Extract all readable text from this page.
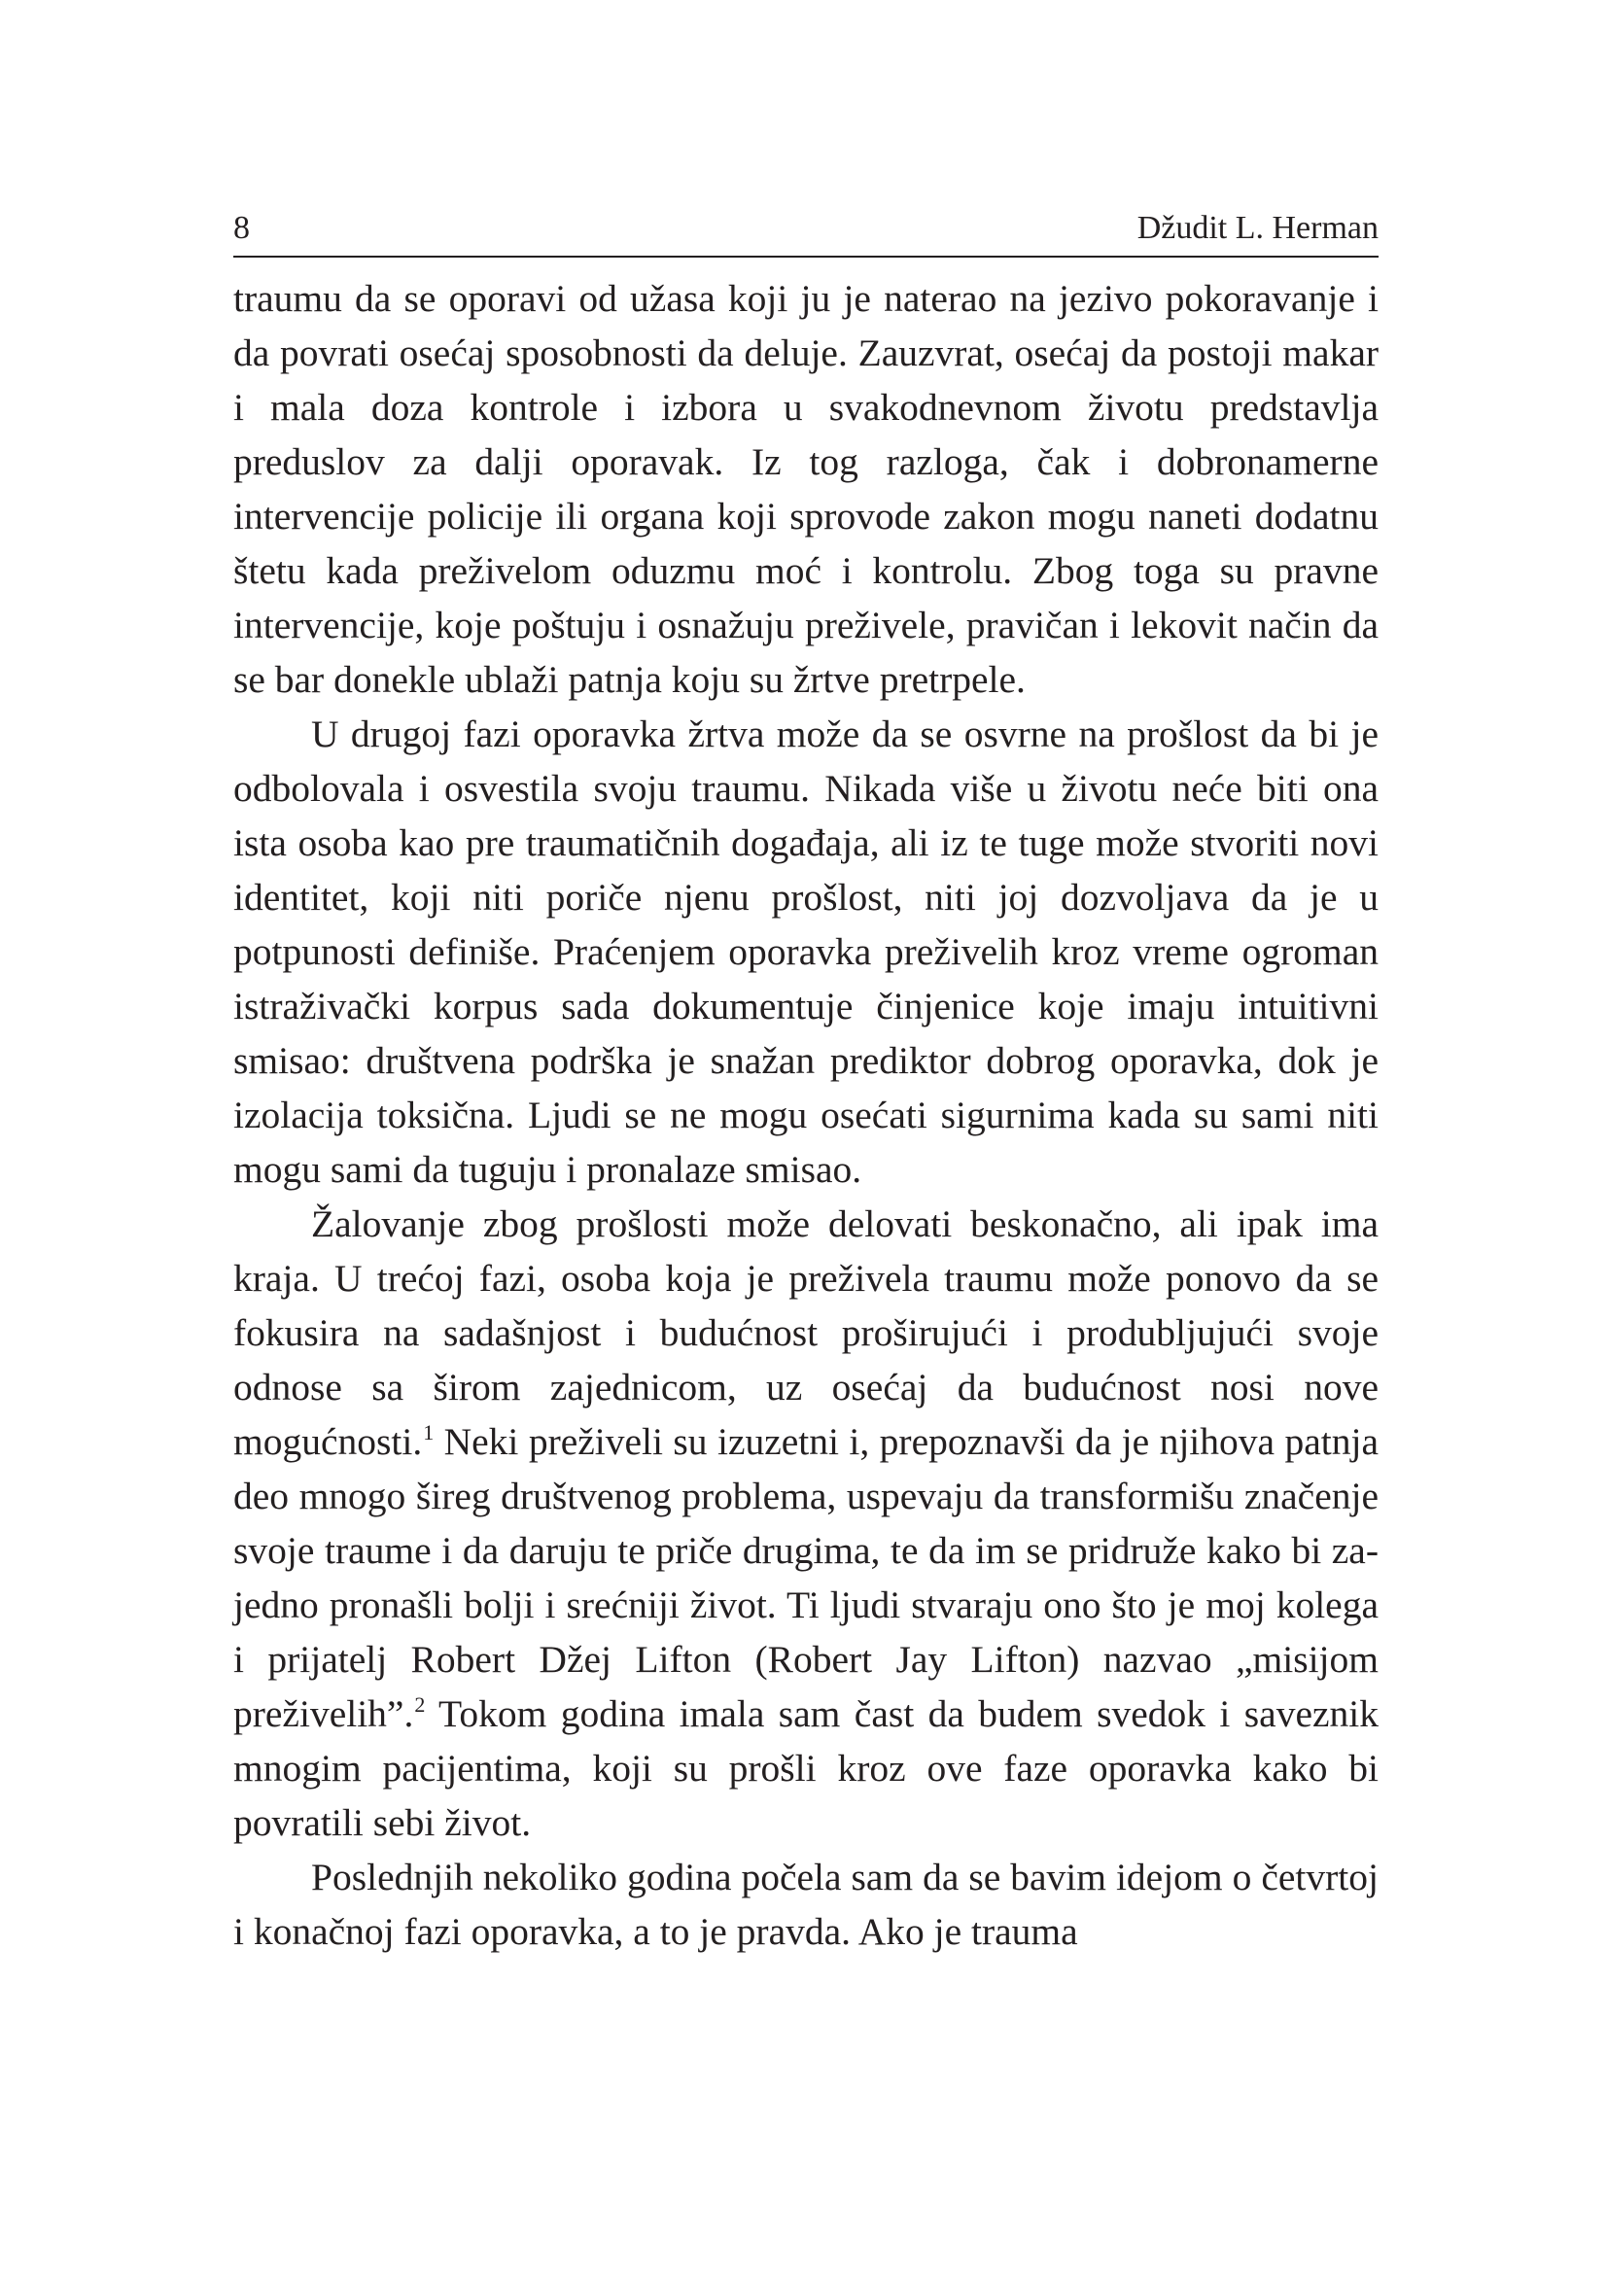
8	Džudit L. Herman

traumu da se oporavi od užasa koji ju je naterao na jezivo pokoravanje i da povrati osećaj sposobnosti da deluje. Zauzvrat, osećaj da postoji makar i mala doza kontrole i izbora u svakodnevnom životu predstavlja preduslov za dalji oporavak. Iz tog razloga, čak i dobronamerne intervencije policije ili organa koji sprovode zakon mogu naneti dodatnu štetu kada preživelom oduzmu moć i kontrolu. Zbog toga su pravne intervencije, koje poštuju i osnažuju preživele, pravičan i lekovit način da se bar donekle ublaži patnja koju su žrtve pretrpele.

U drugoj fazi oporavka žrtva može da se osvrne na prošlost da bi je odbolovala i osvestila svoju traumu. Nikada više u životu neće biti ona ista osoba kao pre traumatičnih događaja, ali iz te tuge može stvoriti novi identitet, koji niti poriče njenu prošlost, niti joj dozvoljava da je u potpunosti definiše. Praćenjem oporavka preživelih kroz vreme ogroman istraživački korpus sada dokumentuje činjenice koje imaju intuitivni smisao: društvena podrška je snažan prediktor dobrog oporavka, dok je izolacija toksična. Ljudi se ne mogu osećati sigurnima kada su sami niti mogu sami da tuguju i pronalaze smisao.

Žalovanje zbog prošlosti može delovati beskonačno, ali ipak ima kraja. U trećoj fazi, osoba koja je preživela traumu može ponovo da se fokusira na sadašnjost i budućnost proširujući i produbljujući svoje odnose sa širom zajednicom, uz osećaj da budućnost nosi nove mogućnosti.$^1$ Neki preživeli su izuzetni i, prepoznavši da je njihova patnja deo mnogo šireg društvenog problema, uspevaju da transformišu značenje svoje traume i da daruju te priče drugima, te da im se pridruže kako bi zajedno pronašli bolji i srećniji život. Ti ljudi stvaraju ono što je moj kolega i prijatelj Robert Džej Lifton (Robert Jay Lifton) nazvao „misijom preživelih”.$^2$ Tokom godina imala sam čast da budem svedok i saveznik mnogim pacijentima, koji su prošli kroz ove faze oporavka kako bi povratili sebi život.

Poslednjih nekoliko godina počela sam da se bavim idejom o četvrtoj i konačnoj fazi oporavka, a to je pravda. Ako je trauma
